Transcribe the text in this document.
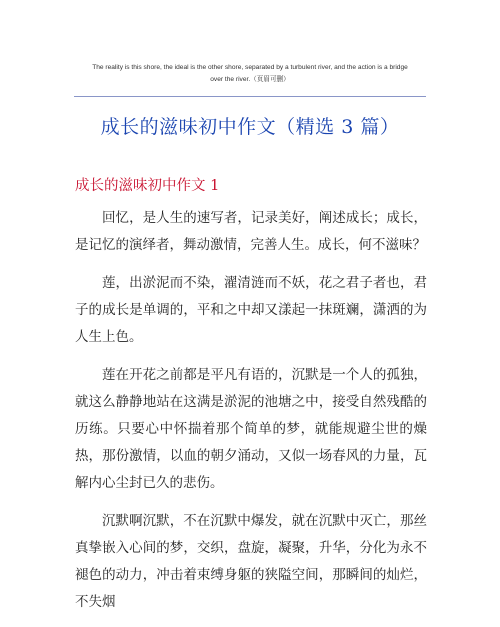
The reality is this shore, the ideal is the other shore, separated by a turbulent river, and the action is a bridge
over the river.（页眉可删）
成长的滋味初中作文（精选 3 篇）
成长的滋味初中作文 1

回忆，是人生的速写者，记录美好，阐述成长；成长，是记忆的演绎者，舞动激情，完善人生。成长，何不滋味？

莲，出淤泥而不染，濯清涟而不妖，花之君子者也，君子的成长是单调的，平和之中却又漾起一抹斑斓，潇洒的为人生上色。

莲在开花之前都是平凡有语的，沉默是一个人的孤独，就这么静静地站在这满是淤泥的池塘之中，接受自然残酷的历练。只要心中怀揣着那个简单的梦，就能规避尘世的燥热，那份激情，以血的朝夕涌动，又似一场春风的力量，瓦解内心尘封已久的悲伤。

沉默啊沉默，不在沉默中爆发，就在沉默中灭亡，那丝真挚嵌入心间的梦，交织，盘旋，凝聚，升华，分化为永不褪色的动力，冲击着束缚身躯的狭隘空间，那瞬间的灿烂，不失烟
